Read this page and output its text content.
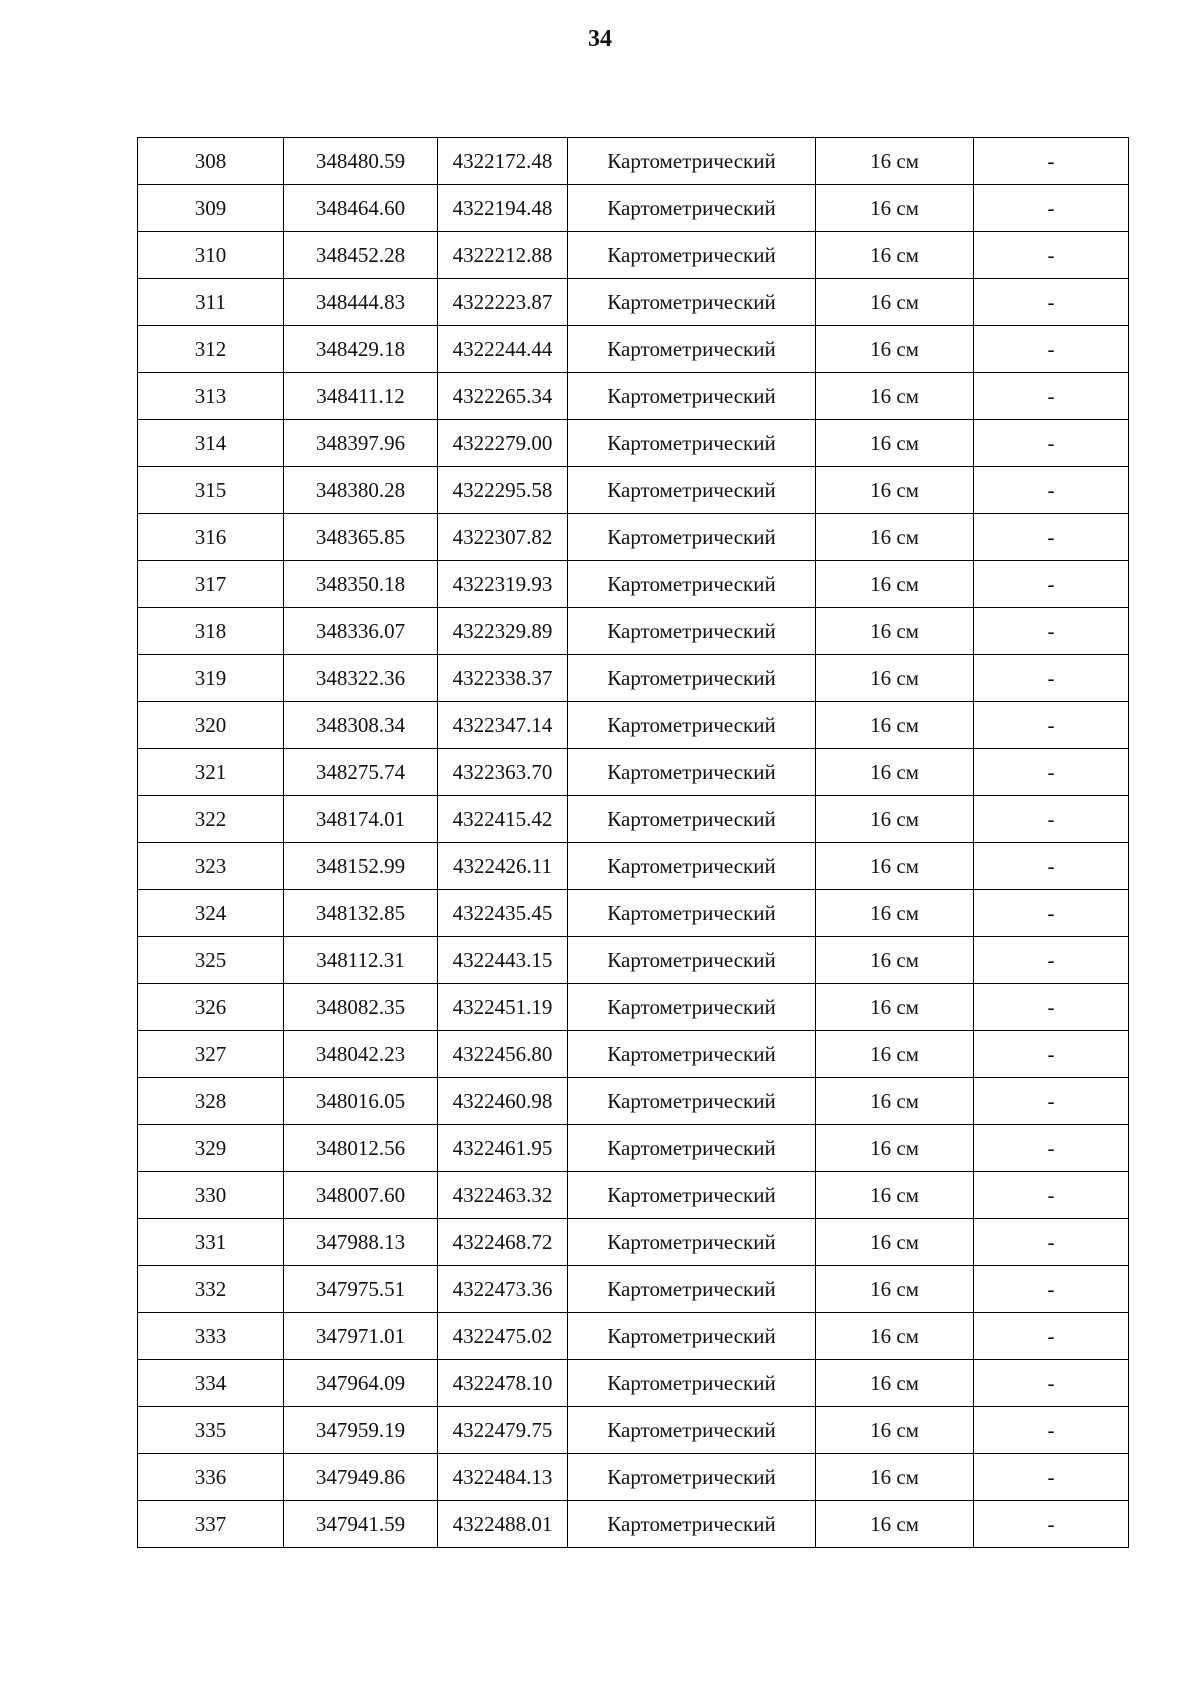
34
308	348480.59	4322172.48	Картометрический	16 см	-
309	348464.60	4322194.48	Картометрический	16 см	-
310	348452.28	4322212.88	Картометрический	16 см	-
311	348444.83	4322223.87	Картометрический	16 см	-
312	348429.18	4322244.44	Картометрический	16 см	-
313	348411.12	4322265.34	Картометрический	16 см	-
314	348397.96	4322279.00	Картометрический	16 см	-
315	348380.28	4322295.58	Картометрический	16 см	-
316	348365.85	4322307.82	Картометрический	16 см	-
317	348350.18	4322319.93	Картометрический	16 см	-
318	348336.07	4322329.89	Картометрический	16 см	-
319	348322.36	4322338.37	Картометрический	16 см	-
320	348308.34	4322347.14	Картометрический	16 см	-
321	348275.74	4322363.70	Картометрический	16 см	-
322	348174.01	4322415.42	Картометрический	16 см	-
323	348152.99	4322426.11	Картометрический	16 см	-
324	348132.85	4322435.45	Картометрический	16 см	-
325	348112.31	4322443.15	Картометрический	16 см	-
326	348082.35	4322451.19	Картометрический	16 см	-
327	348042.23	4322456.80	Картометрический	16 см	-
328	348016.05	4322460.98	Картометрический	16 см	-
329	348012.56	4322461.95	Картометрический	16 см	-
330	348007.60	4322463.32	Картометрический	16 см	-
331	347988.13	4322468.72	Картометрический	16 см	-
332	347975.51	4322473.36	Картометрический	16 см	-
333	347971.01	4322475.02	Картометрический	16 см	-
334	347964.09	4322478.10	Картометрический	16 см	-
335	347959.19	4322479.75	Картометрический	16 см	-
336	347949.86	4322484.13	Картометрический	16 см	-
337	347941.59	4322488.01	Картометрический	16 см	-
